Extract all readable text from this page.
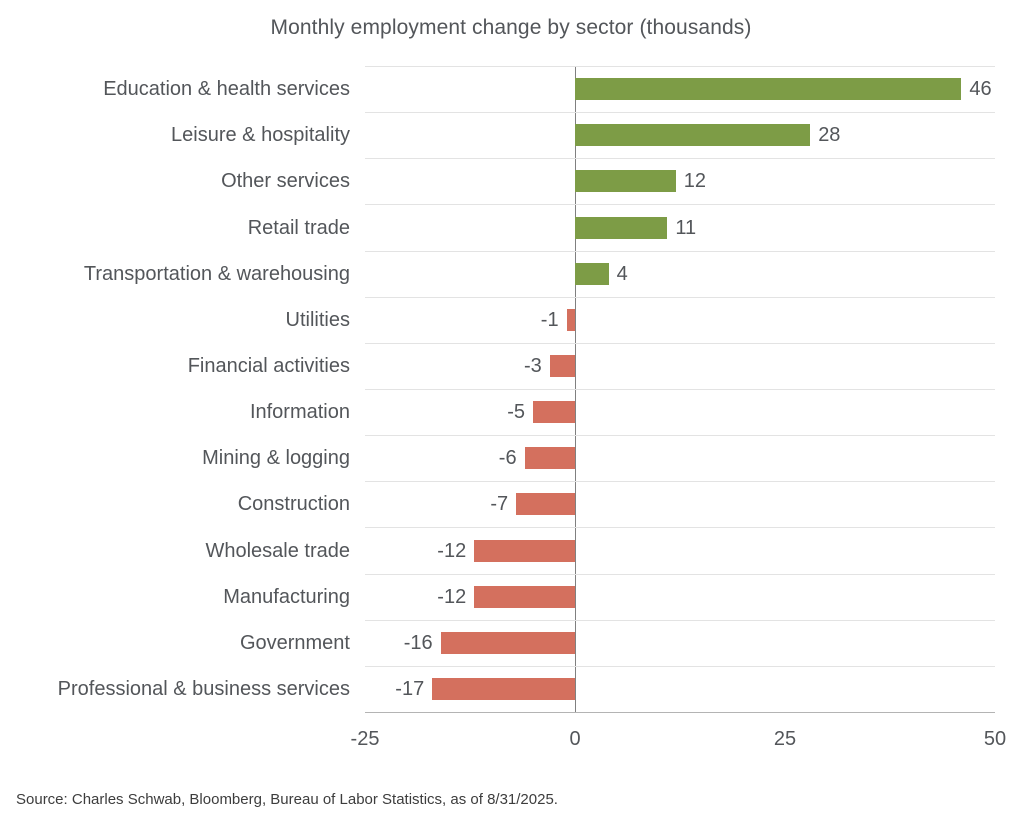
Monthly employment change by sector (thousands)
Education & health services
Leisure & hospitality
Other services
Retail trade
Transportation & warehousing
Utilities
Financial activities
Information
Mining & logging
Construction
Wholesale trade
Manufacturing
Government
Professional & business services
46
28
12
11
4
-1
-3
-5
-6
-7
-12
-12
-16
-17
-25	0	25	50
Source: Charles Schwab, Bloomberg, Bureau of Labor Statistics, as of 8/31/2025.
